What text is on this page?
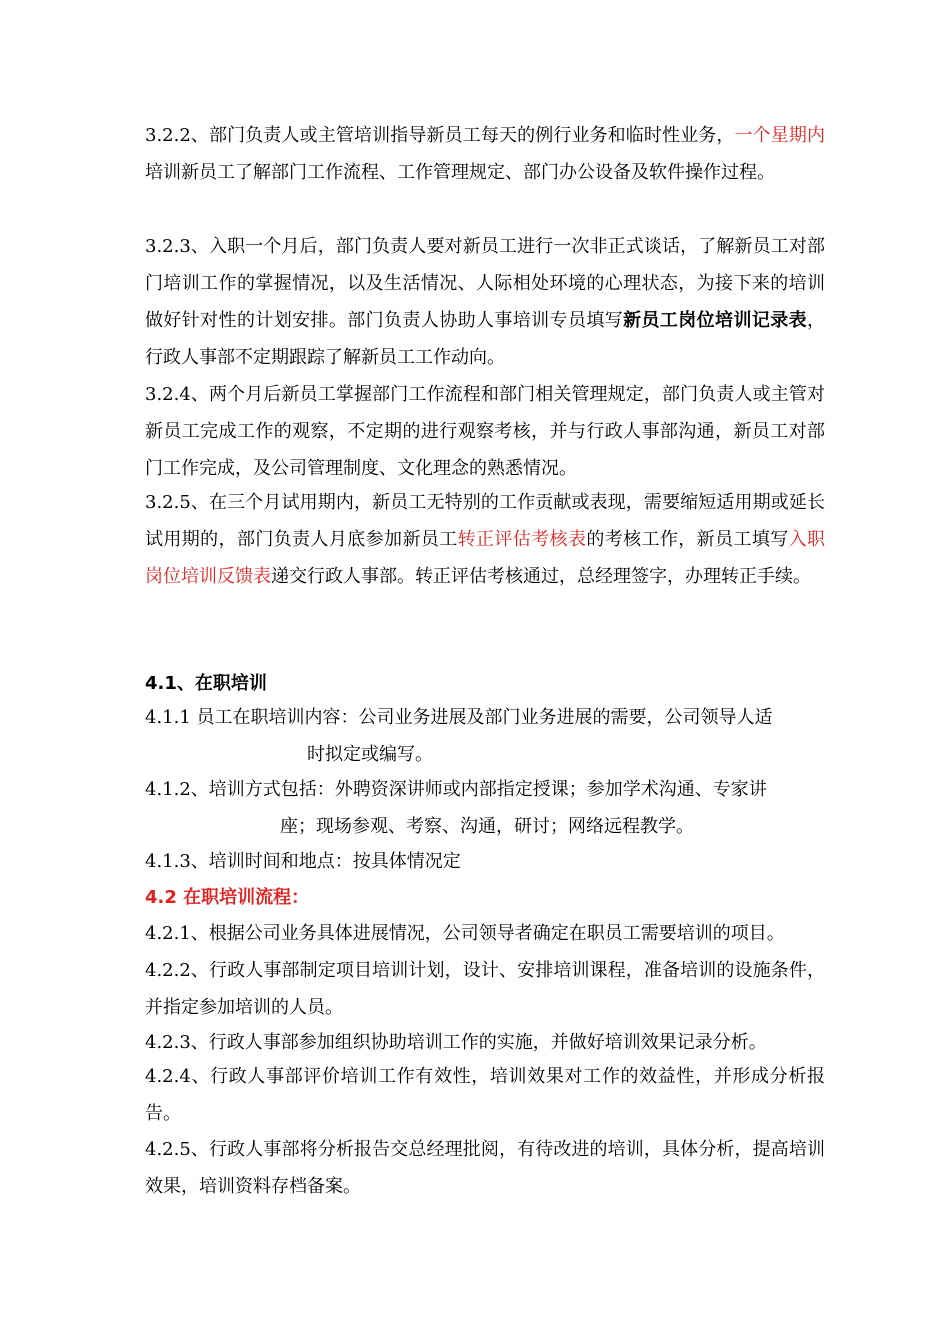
3.2.2、部门负责人或主管培训指导新员工每天的例行业务和临时性业务，一个星期内培训新员工了解部门工作流程、工作管理规定、部门办公设备及软件操作过程。

3.2.3、入职一个月后，部门负责人要对新员工进行一次非正式谈话，了解新员工对部门培训工作的掌握情况，以及生活情况、人际相处环境的心理状态，为接下来的培训做好针对性的计划安排。部门负责人协助人事培训专员填写新员工岗位培训记录表，行政人事部不定期跟踪了解新员工工作动向。

3.2.4、两个月后新员工掌握部门工作流程和部门相关管理规定，部门负责人或主管对新员工完成工作的观察，不定期的进行观察考核，并与行政人事部沟通，新员工对部门工作完成，及公司管理制度、文化理念的熟悉情况。

3.2.5、在三个月试用期内，新员工无特别的工作贡献或表现，需要缩短适用期或延长试用期的，部门负责人月底参加新员工转正评估考核表的考核工作，新员工填写入职岗位培训反馈表递交行政人事部。转正评估考核通过，总经理签字，办理转正手续。

4.1、在职培训

4.1.1 员工在职培训内容：公司业务进展及部门业务进展的需要，公司领导人适

时拟定或编写。

4.1.2、培训方式包括：外聘资深讲师或内部指定授课；参加学术沟通、专家讲

座；现场参观、考察、沟通，研讨；网络远程教学。

4.1.3、培训时间和地点：按具体情况定

4.2 在职培训流程：

4.2.1、根据公司业务具体进展情况，公司领导者确定在职员工需要培训的项目。

4.2.2、行政人事部制定项目培训计划，设计、安排培训课程，准备培训的设施条件，并指定参加培训的人员。

4.2.3、行政人事部参加组织协助培训工作的实施，并做好培训效果记录分析。

4.2.4、行政人事部评价培训工作有效性，培训效果对工作的效益性，并形成分析报告。

4.2.5、行政人事部将分析报告交总经理批阅，有待改进的培训，具体分析，提高培训效果，培训资料存档备案。
